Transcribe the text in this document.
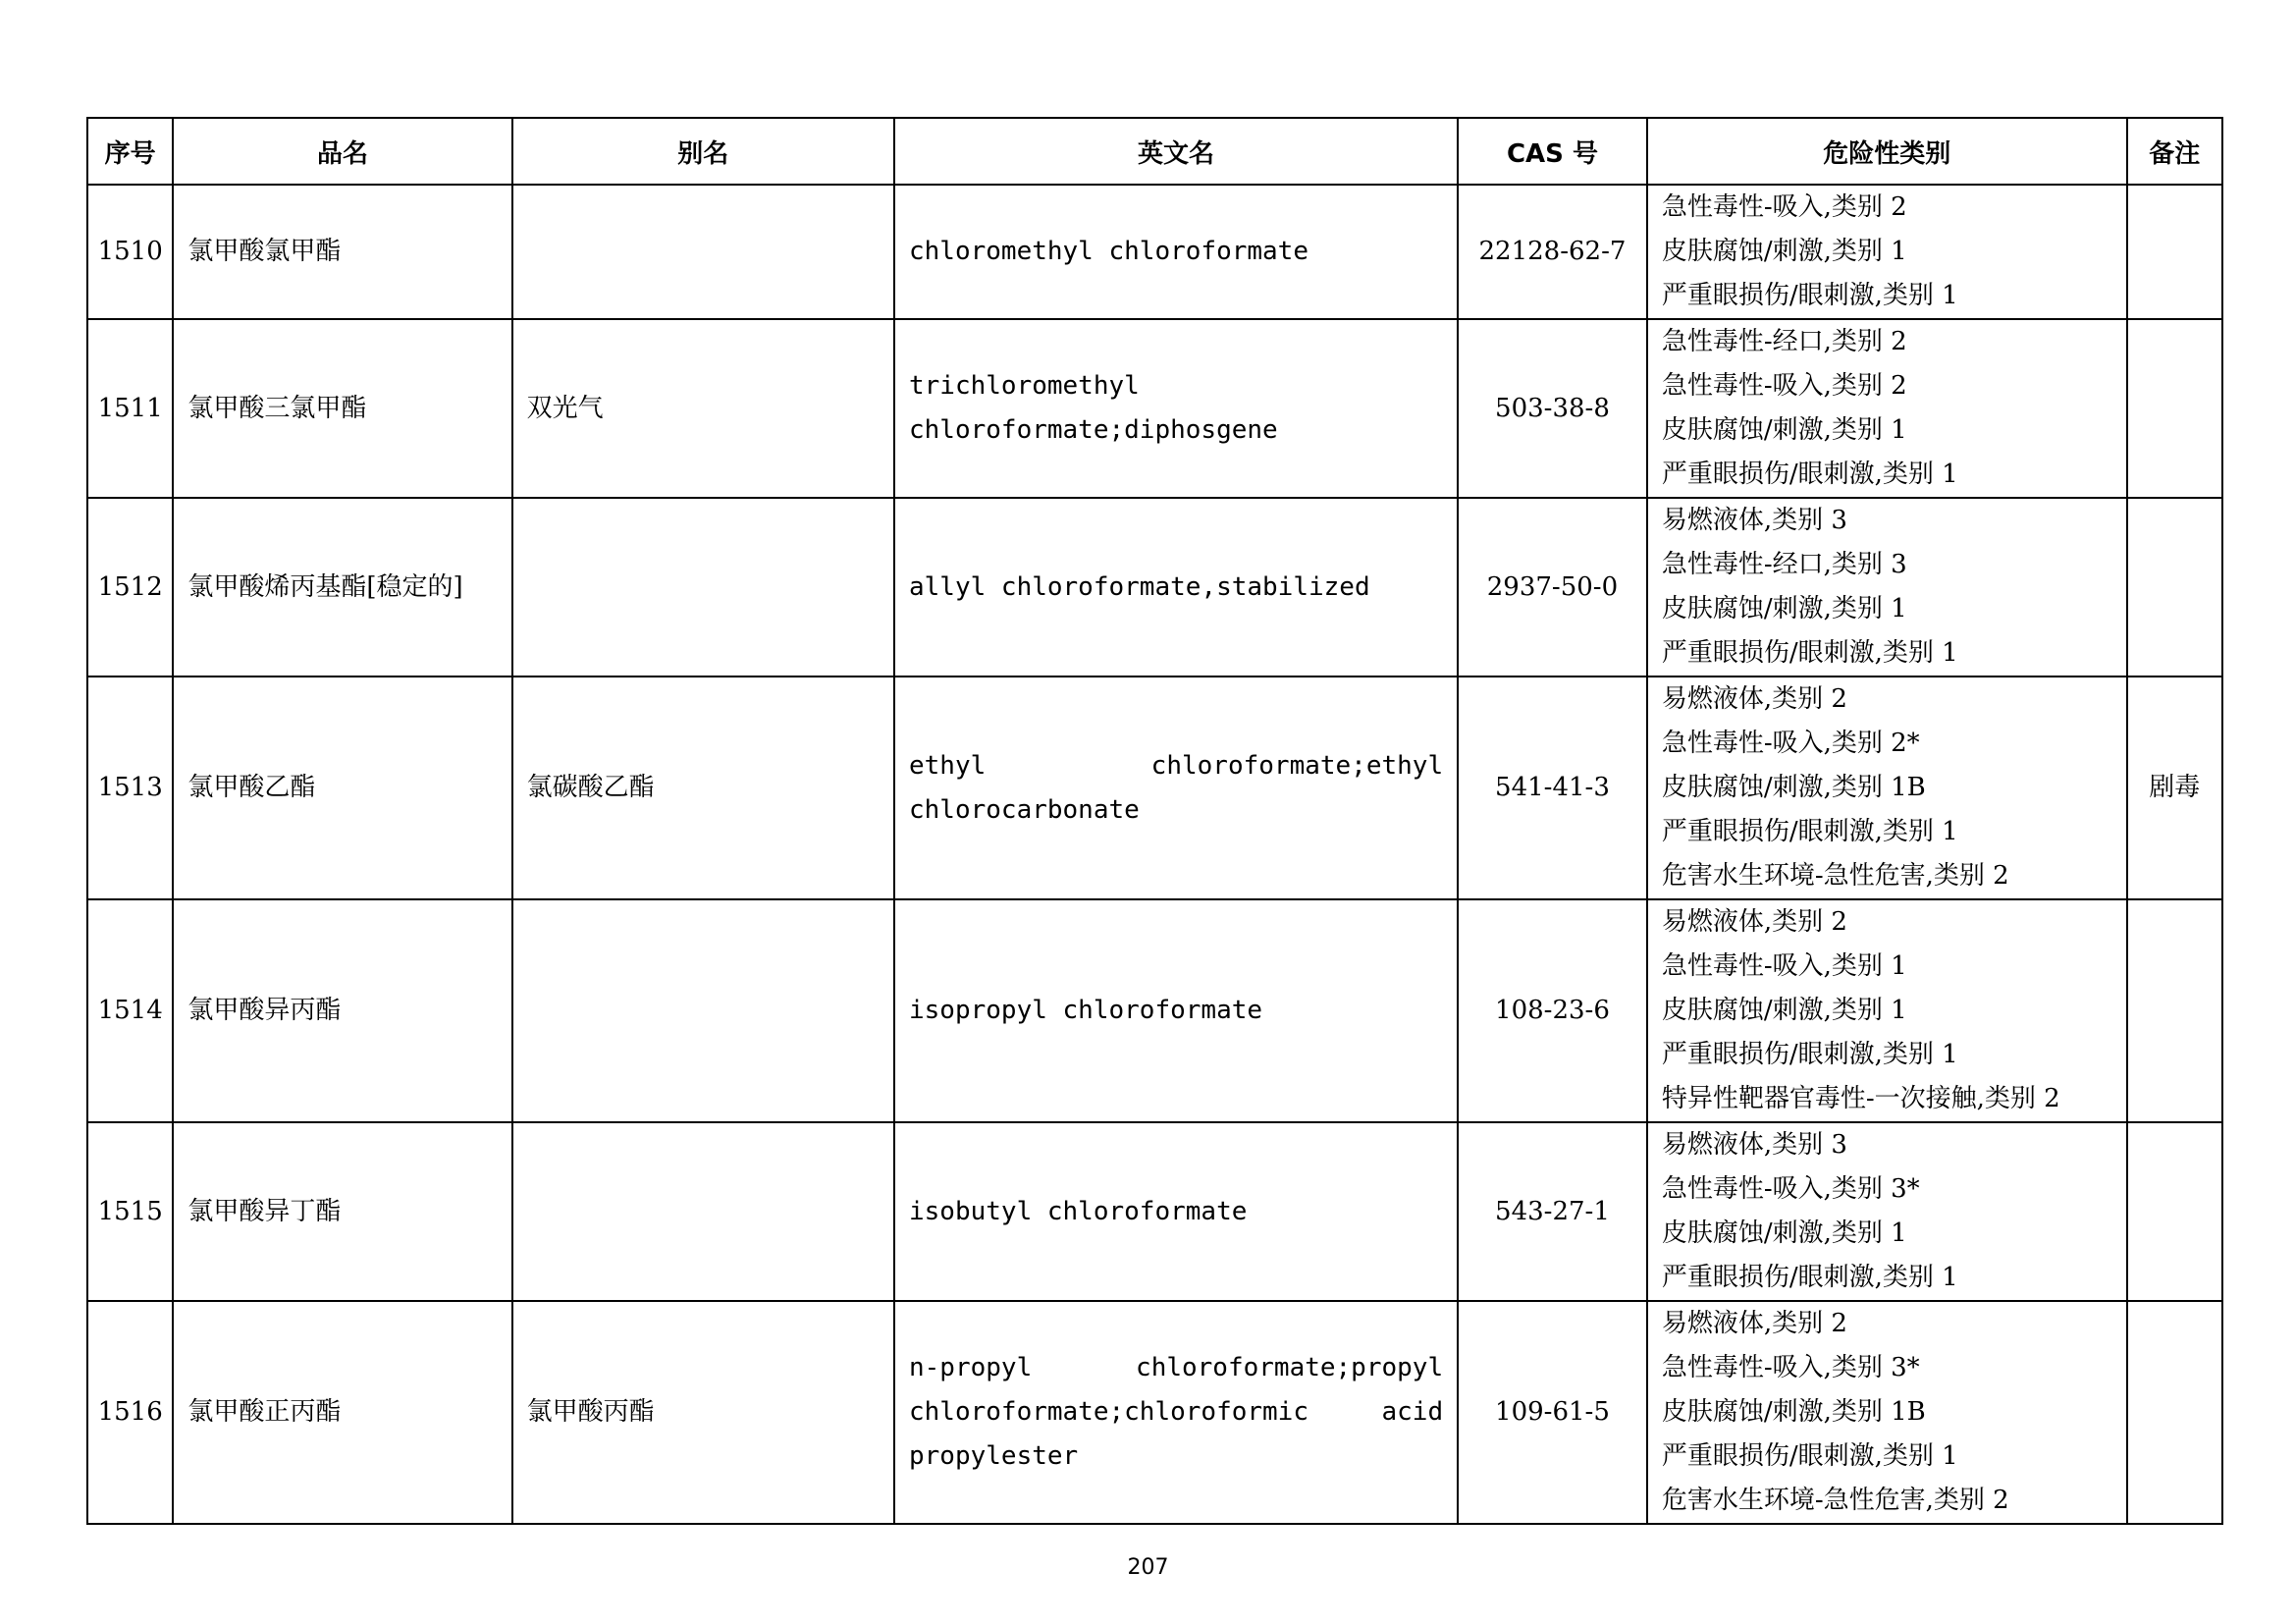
序号	品名	别名	英文名	CAS 号	危险性类别	备注
1510	氯甲酸氯甲酯		chloromethyl chloroformate	22128-62-7	急性毒性-吸入,类别 2
皮肤腐蚀/刺激,类别 1
严重眼损伤/眼刺激,类别 1	

1511	氯甲酸三氯甲酯	双光气	trichloromethyl chloroformate;diphosgene	503-38-8	急性毒性-经口,类别 2
急性毒性-吸入,类别 2
皮肤腐蚀/刺激,类别 1
严重眼损伤/眼刺激,类别 1	

1512	氯甲酸烯丙基酯[稳定的]		allyl chloroformate,stabilized	2937-50-0	易燃液体,类别 3
急性毒性-经口,类别 3
皮肤腐蚀/刺激,类别 1
严重眼损伤/眼刺激,类别 1	

1513	氯甲酸乙酯	氯碳酸乙酯	ethyl chloroformate;ethyl chlorocarbonate	541-41-3	易燃液体,类别 2
急性毒性-吸入,类别 2*
皮肤腐蚀/刺激,类别 1B
严重眼损伤/眼刺激,类别 1
危害水生环境-急性危害,类别 2	剧毒
1514	氯甲酸异丙酯		isopropyl chloroformate	108-23-6	易燃液体,类别 2
急性毒性-吸入,类别 1
皮肤腐蚀/刺激,类别 1
严重眼损伤/眼刺激,类别 1
特异性靶器官毒性-一次接触,类别 2	

1515	氯甲酸异丁酯		isobutyl chloroformate	543-27-1	易燃液体,类别 3
急性毒性-吸入,类别 3*
皮肤腐蚀/刺激,类别 1
严重眼损伤/眼刺激,类别 1	

1516	氯甲酸正丙酯	氯甲酸丙酯	n-propyl chloroformate;propyl chloroformate;chloroformic acid propylester	109-61-5	易燃液体,类别 2
急性毒性-吸入,类别 3*
皮肤腐蚀/刺激,类别 1B
严重眼损伤/眼刺激,类别 1
危害水生环境-急性危害,类别 2	

207
